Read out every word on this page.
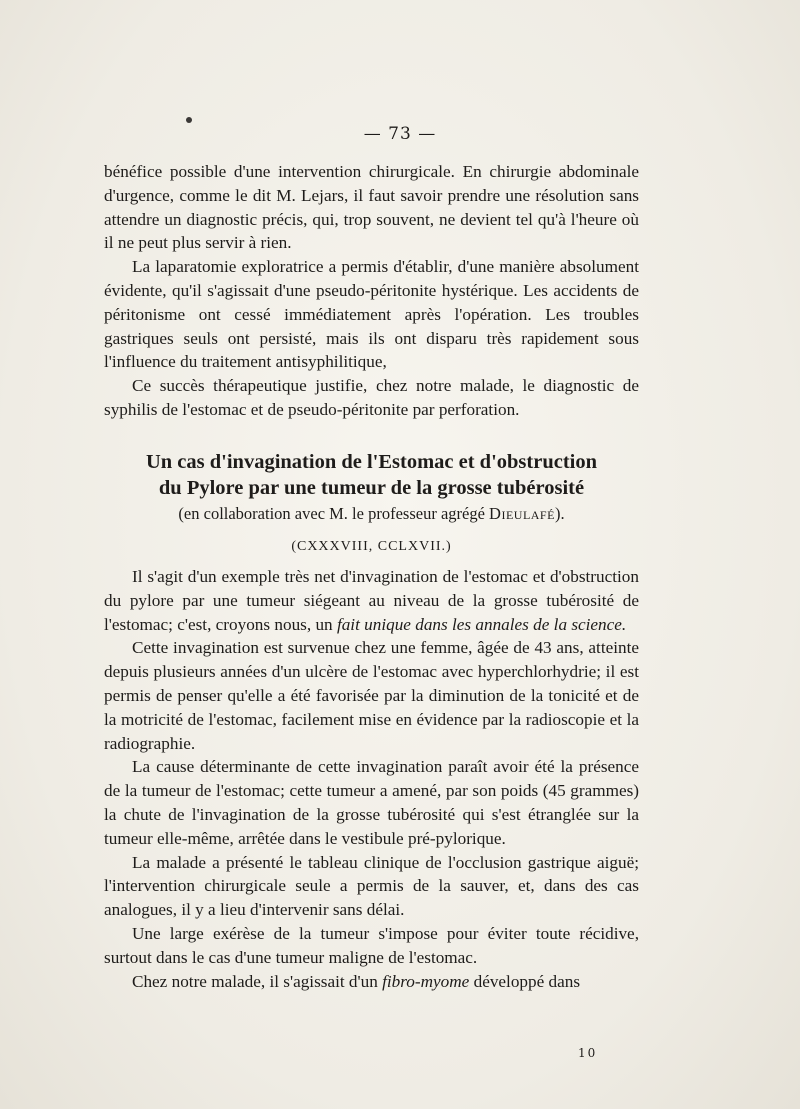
— 73 —

bénéfice possible d'une intervention chirurgicale. En chirurgie abdominale d'urgence, comme le dit M. Lejars, il faut savoir prendre une résolution sans attendre un diagnostic précis, qui, trop souvent, ne devient tel qu'à l'heure où il ne peut plus servir à rien.

La laparatomie exploratrice a permis d'établir, d'une manière absolument évidente, qu'il s'agissait d'une pseudo-péritonite hystérique. Les accidents de péritonisme ont cessé immédiatement après l'opération. Les troubles gastriques seuls ont persisté, mais ils ont disparu très rapidement sous l'influence du traitement antisyphilitique,

Ce succès thérapeutique justifie, chez notre malade, le diagnostic de syphilis de l'estomac et de pseudo-péritonite par perforation.

Un cas d'invagination de l'Estomac et d'obstruction
du Pylore par une tumeur de la grosse tubérosité

(en collaboration avec M. le professeur agrégé Dieulafé).

(CXXXVIII, CCLXVII.)

Il s'agit d'un exemple très net d'invagination de l'estomac et d'obstruction du pylore par une tumeur siégeant au niveau de la grosse tubérosité de l'estomac; c'est, croyons nous, un fait unique dans les annales de la science.

Cette invagination est survenue chez une femme, âgée de 43 ans, atteinte depuis plusieurs années d'un ulcère de l'estomac avec hyperchlorhydrie; il est permis de penser qu'elle a été favorisée par la diminution de la tonicité et de la motricité de l'estomac, facilement mise en évidence par la radioscopie et la radiographie.

La cause déterminante de cette invagination paraît avoir été la présence de la tumeur de l'estomac; cette tumeur a amené, par son poids (45 grammes) la chute de l'invagination de la grosse tubérosité qui s'est étranglée sur la tumeur elle-même, arrêtée dans le vestibule pré-pylorique.

La malade a présenté le tableau clinique de l'occlusion gastrique aiguë; l'intervention chirurgicale seule a permis de la sauver, et, dans des cas analogues, il y a lieu d'intervenir sans délai.

Une large exérèse de la tumeur s'impose pour éviter toute récidive, surtout dans le cas d'une tumeur maligne de l'estomac.

Chez notre malade, il s'agissait d'un fibro-myome développé dans

10
